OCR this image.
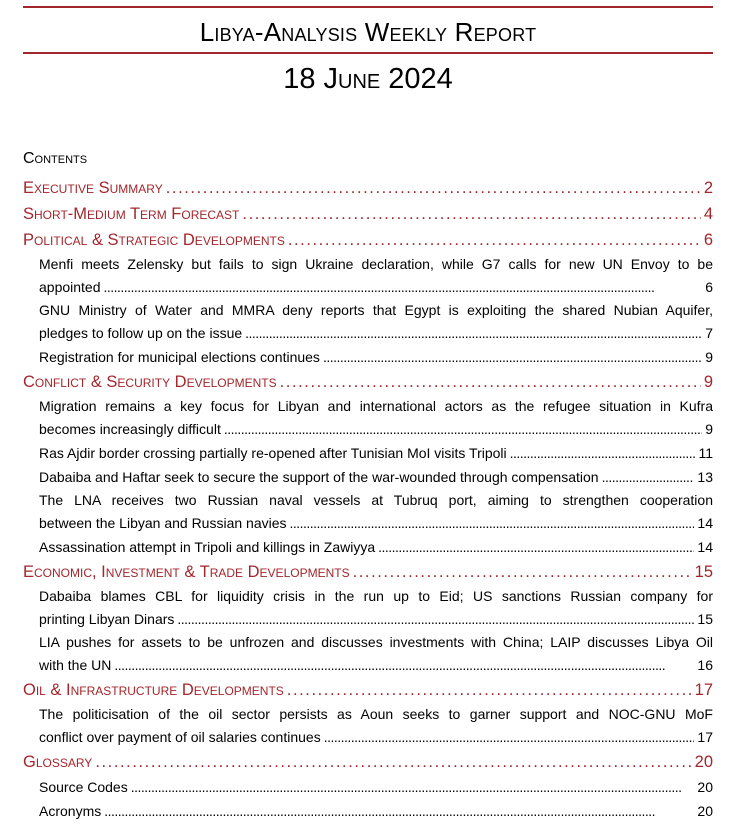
Libya-Analysis Weekly Report
18 June 2024
Contents
Executive Summary . . .	2
Short-Medium Term Forecast . . .	4
Political & Strategic Developments . . .	6
Menfi meets Zelensky but fails to sign Ukraine declaration, while G7 calls for new UN Envoy to be
appointed . . .	6
GNU Ministry of Water and MMRA deny reports that Egypt is exploiting the shared Nubian Aquifer,
pledges to follow up on the issue . . .	7
Registration for municipal elections continues . . .	9
Conflict & Security Developments . . .	9
Migration remains a key focus for Libyan and international actors as the refugee situation in Kufra
becomes increasingly difficult . . .	9
Ras Ajdir border crossing partially re-opened after Tunisian MoI visits Tripoli . . .	11
Dabaiba and Haftar seek to secure the support of the war-wounded through compensation . . .	13
The LNA receives two Russian naval vessels at Tubruq port, aiming to strengthen cooperation
between the Libyan and Russian navies . . .	14
Assassination attempt in Tripoli and killings in Zawiyya . . .	14
Economic, Investment & Trade Developments . . .	15
Dabaiba blames CBL for liquidity crisis in the run up to Eid; US sanctions Russian company for
printing Libyan Dinars . . .	15
LIA pushes for assets to be unfrozen and discusses investments with China; LAIP discusses Libya Oil
with the UN . . .	16
Oil & Infrastructure Developments . . .	17
The politicisation of the oil sector persists as Aoun seeks to garner support and NOC-GNU MoF
conflict over payment of oil salaries continues . . .	17
Glossary . . .	20
Source Codes . . .	20
Acronyms . . .	20
